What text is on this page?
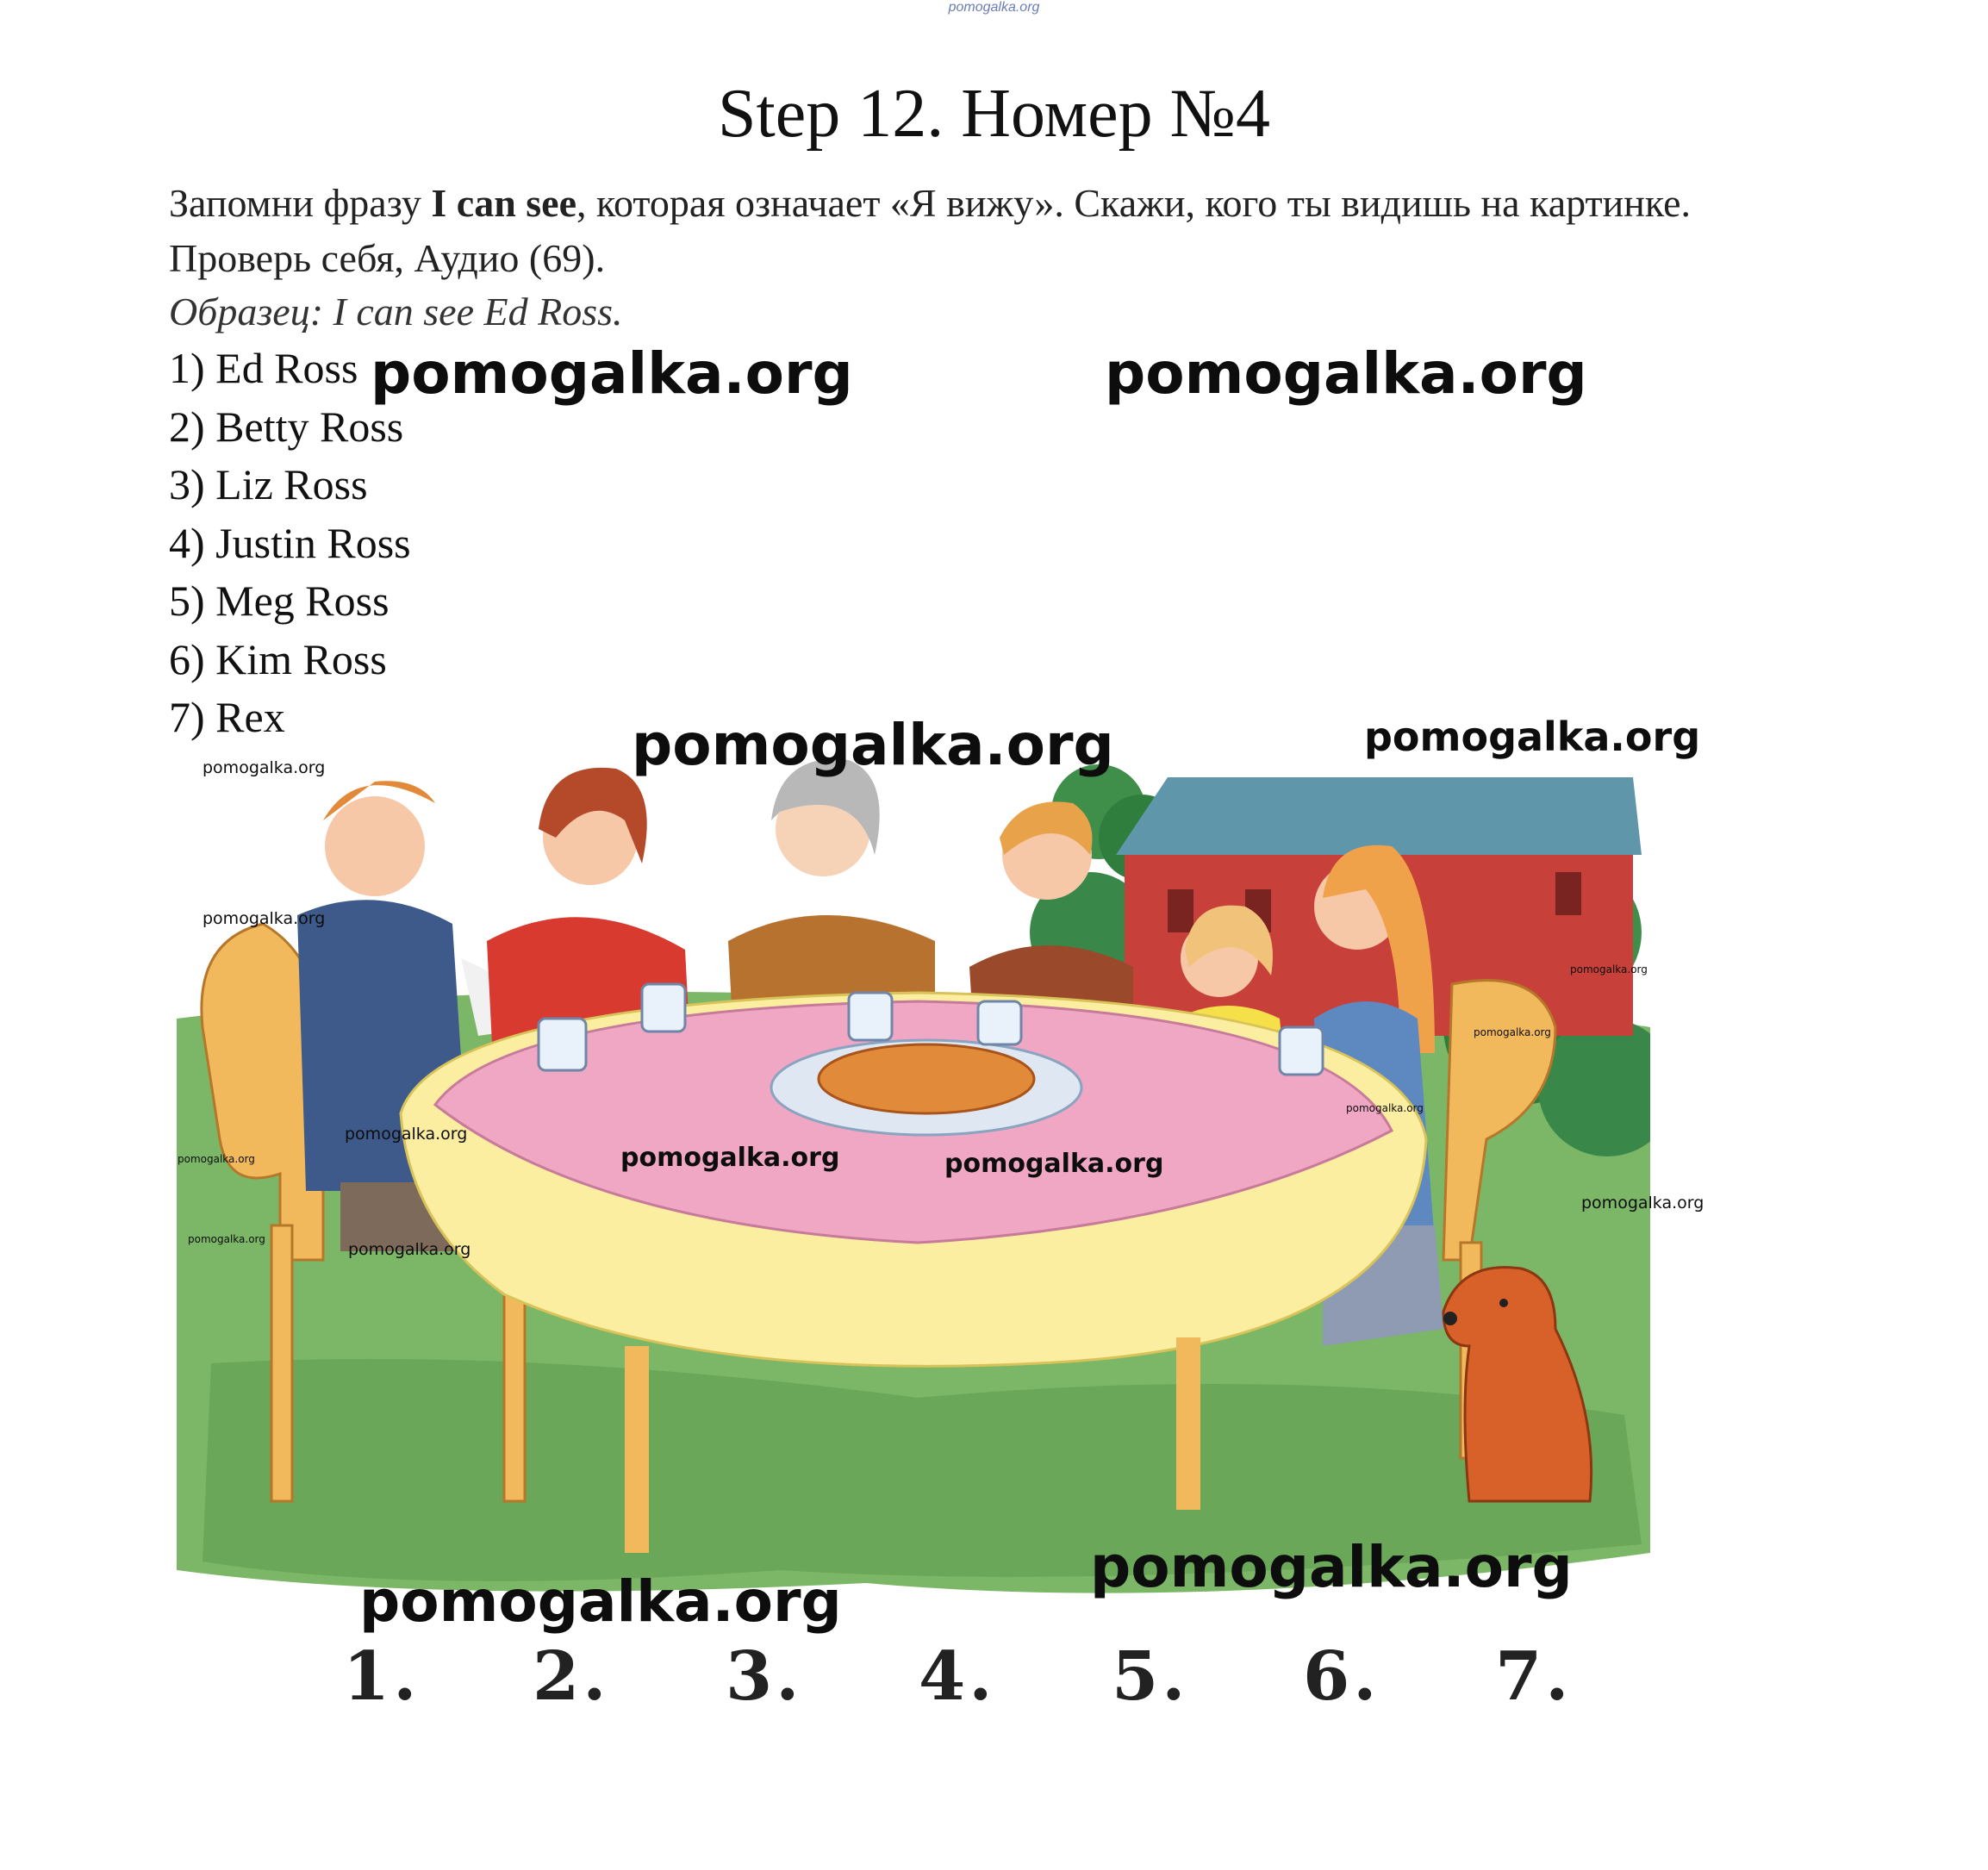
pomogalka.org
Step 12. Номер №4
Запомни фразу I can see, которая означает «Я вижу». Скажи, кого ты видишь на картинке. Проверь себя, Аудио (69).
Образец: I can see Ed Ross.
1) Ed Ross
2) Betty Ross
3) Liz Ross
4) Justin Ross
5) Meg Ross
6) Kim Ross
7) Rex
pomogalka.org	pomogalka.org
pomogalka.org	pomogalka.org
pomogalka.org
pomogalka.org
pomogalka.org
pomogalka.org
pomogalka.org
pomogalka.org
pomogalka.org	pomogalka.org	pomogalka.org
pomogalka.org
pomogalka.org
pomogalka.org
pomogalka.org
pomogalka.org
1. 2. 3. 4. 5. 6. 7.
